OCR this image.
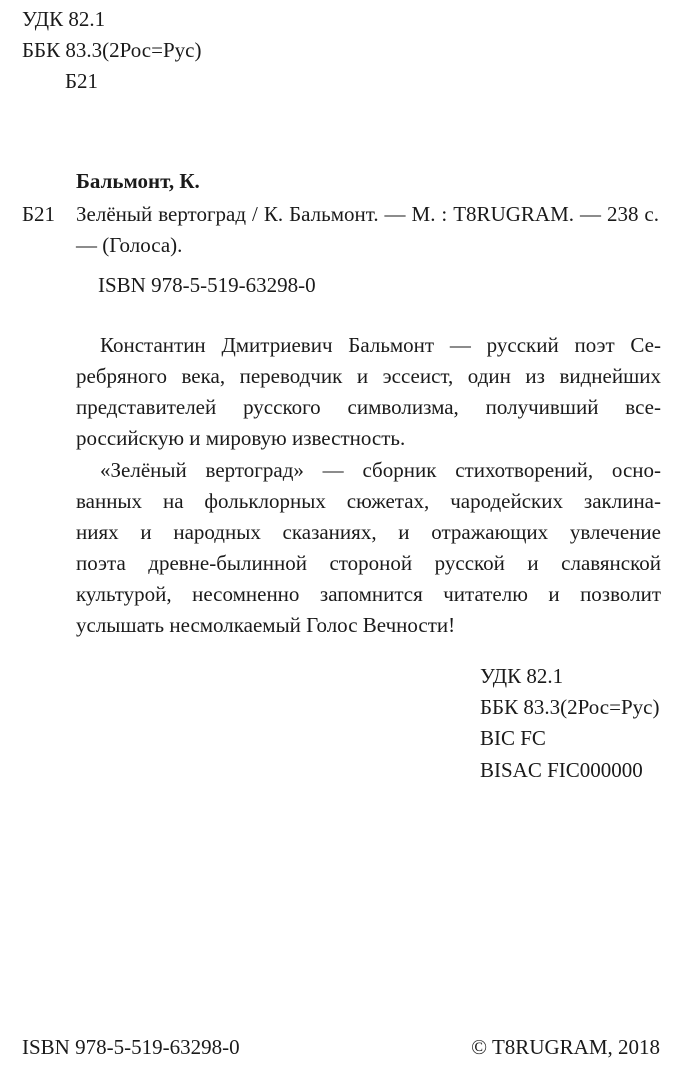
УДК 82.1
ББК 83.3(2Рос=Рус)
Б21
Бальмонт, К.
Б21 Зелёный вертоград / К. Бальмонт. — М. : T8RUGRAM. — 238 с.
— (Голоса).
ISBN 978-5-519-63298-0
Константин Дмитриевич Бальмонт — русский поэт Се-
ребряного века, переводчик и эссеист, один из виднейших
представителей русского символизма, получивший все-
российскую и мировую известность.
«Зелёный вертоград» — сборник стихотворений, осно-
ванных на фольклорных сюжетах, чародейских заклина-
ниях и народных сказаниях, и отражающих увлечение
поэта древне-былинной стороной русской и славянской
культурой, несомненно запомнится читателю и позволит
услышать несмолкаемый Голос Вечности!
УДК 82.1
ББК 83.3(2Рос=Рус)
BIC FC
BISAC FIC000000
ISBN 978-5-519-63298-0	© T8RUGRAM, 2018
